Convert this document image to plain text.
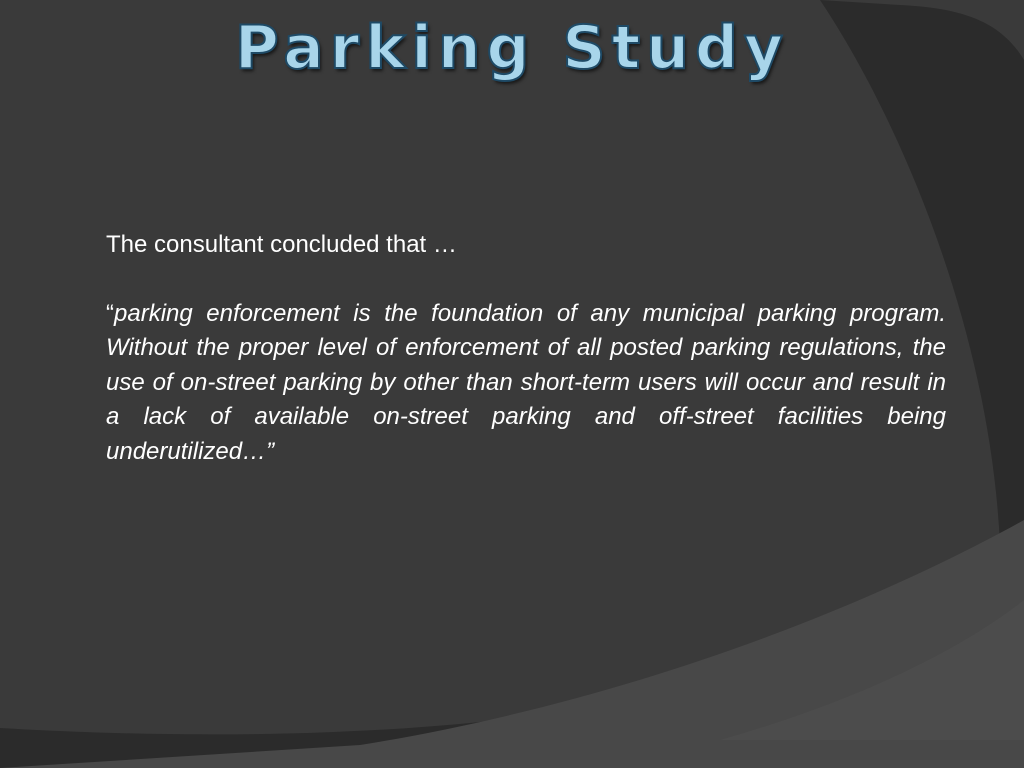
Parking Study

The consultant concluded that …

“parking enforcement is the foundation of any municipal parking program. Without the proper level of enforcement of all posted parking regulations, the use of on-street parking by other than short-term users will occur and result in a lack of available on-street parking and off-street facilities being underutilized…”
